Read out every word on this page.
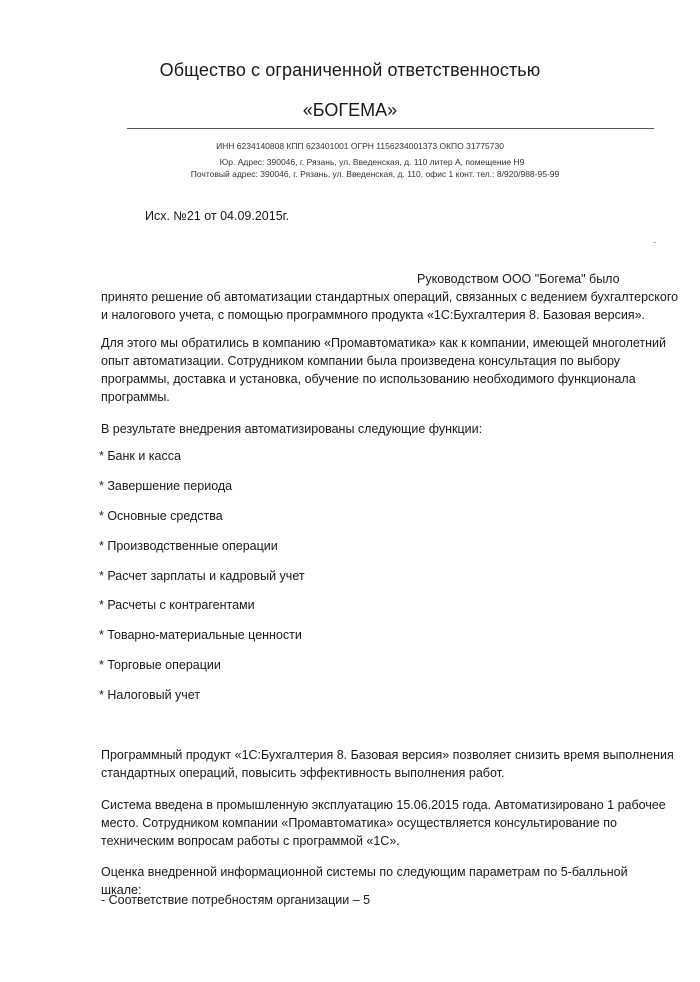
Общество с ограниченной ответственностью
«БОГЕМА»
ИНН 6234140808 КПП 623401001 ОГРН 1156234001373 ОКПО 31775730
Юр. Адрес: 390046, г. Рязань, ул. Введенская, д. 110 литер А, помещение Н9
Почтовый адрес: 390046, г. Рязань, ул. Введенская, д. 110, офис 1 конт. тел.: 8/920/988-95-99
Исх. №21 от 04.09.2015г.
-
Руководством ООО "Богема" было
принято решение об автоматизации стандартных операций, связанных с ведением бухгалтерского
и налогового учета, с помощью программного продукта «1С:Бухгалтерия 8. Базовая версия».
Для этого мы обратились в компанию «Промавтоматика» как к компании, имеющей многолетний
опыт автоматизации. Сотрудником компании была произведена консультация по выбору
программы, доставка и установка, обучение по использованию необходимого функционала
программы.
В результате внедрения автоматизированы следующие функции:
* Банк и касса
* Завершение периода
* Основные средства
* Производственные операции
* Расчет зарплаты и кадровый учет
* Расчеты с контрагентами
* Товарно-материальные ценности
* Торговые операции
* Налоговый учет
Программный продукт «1С:Бухгалтерия 8. Базовая версия» позволяет снизить время выполнения
стандартных операций, повысить эффективность выполнения работ.
Система введена в промышленную эксплуатацию 15.06.2015 года. Автоматизировано 1 рабочее
место. Сотрудником компании «Промавтоматика» осуществляется консультирование по
техническим вопросам работы с программой «1С».
Оценка внедренной информационной системы по следующим параметрам по 5-балльной шкале:
- Соответствие потребностям организации – 5
